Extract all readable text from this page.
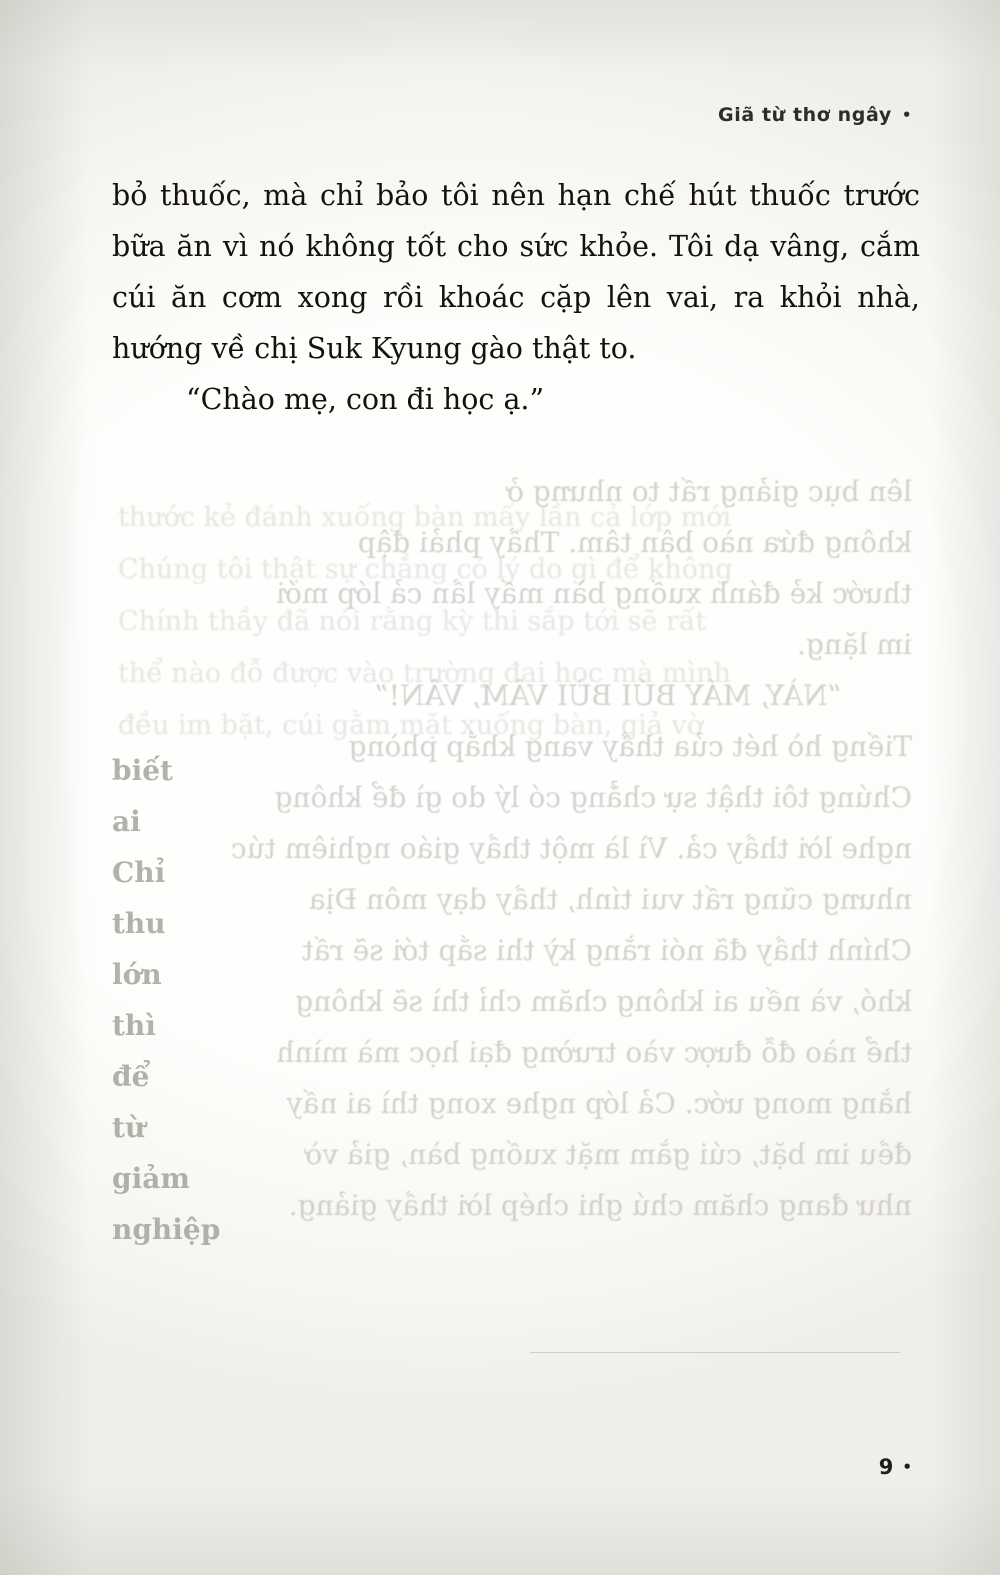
Giã từ thơ ngây •

lên bục giảng rất to nhưng ở

không đứa nào bận tâm. Thầy phải đập

thước kẻ đánh xuống bàn mấy lần cả lớp mới

im lặng.

“NÀY, MÁY BÚI BÙI VÂM, VÂN!”

Tiếng hò hét của thầy vang khắp phòng

Chúng tôi thật sự chẳng có lý do gì để không

nghe lời thầy cả. Vì là một thầy giáo nghiêm túc

nhưng cũng rất vui tính, thầy dạy môn Địa

Chính thầy đã nói rằng kỳ thi sắp tới sẽ rất

khó, và nếu ai không chăm chỉ thì sẽ không

thể nào đỗ được vào trường đại học mà mình

hằng mong ước. Cả lớp nghe xong thì ai nấy

đều im bặt, cúi gằm mặt xuống bàn, giả vờ

như đang chăm chú ghi chép lời thầy giảng.

thước kẻ đánh xuống bàn mấy lần cả lớp mới

Chúng tôi thật sự chẳng có lý do gì để không

Chính thầy đã nói rằng kỳ thi sắp tới sẽ rất

thể nào đỗ được vào trường đại học mà mình

đều im bặt, cúi gằm mặt xuống bàn, giả vờ

biết
ai
Chỉ
thu
lớn
thì
để
từ
giảm
nghiệp

bỏ thuốc, mà chỉ bảo tôi nên hạn chế hút thuốc trước bữa ăn vì nó không tốt cho sức khỏe. Tôi dạ vâng, cắm cúi ăn cơm xong rồi khoác cặp lên vai, ra khỏi nhà, hướng về chị Suk Kyung gào thật to.

“Chào mẹ, con đi học ạ.”

9 •
